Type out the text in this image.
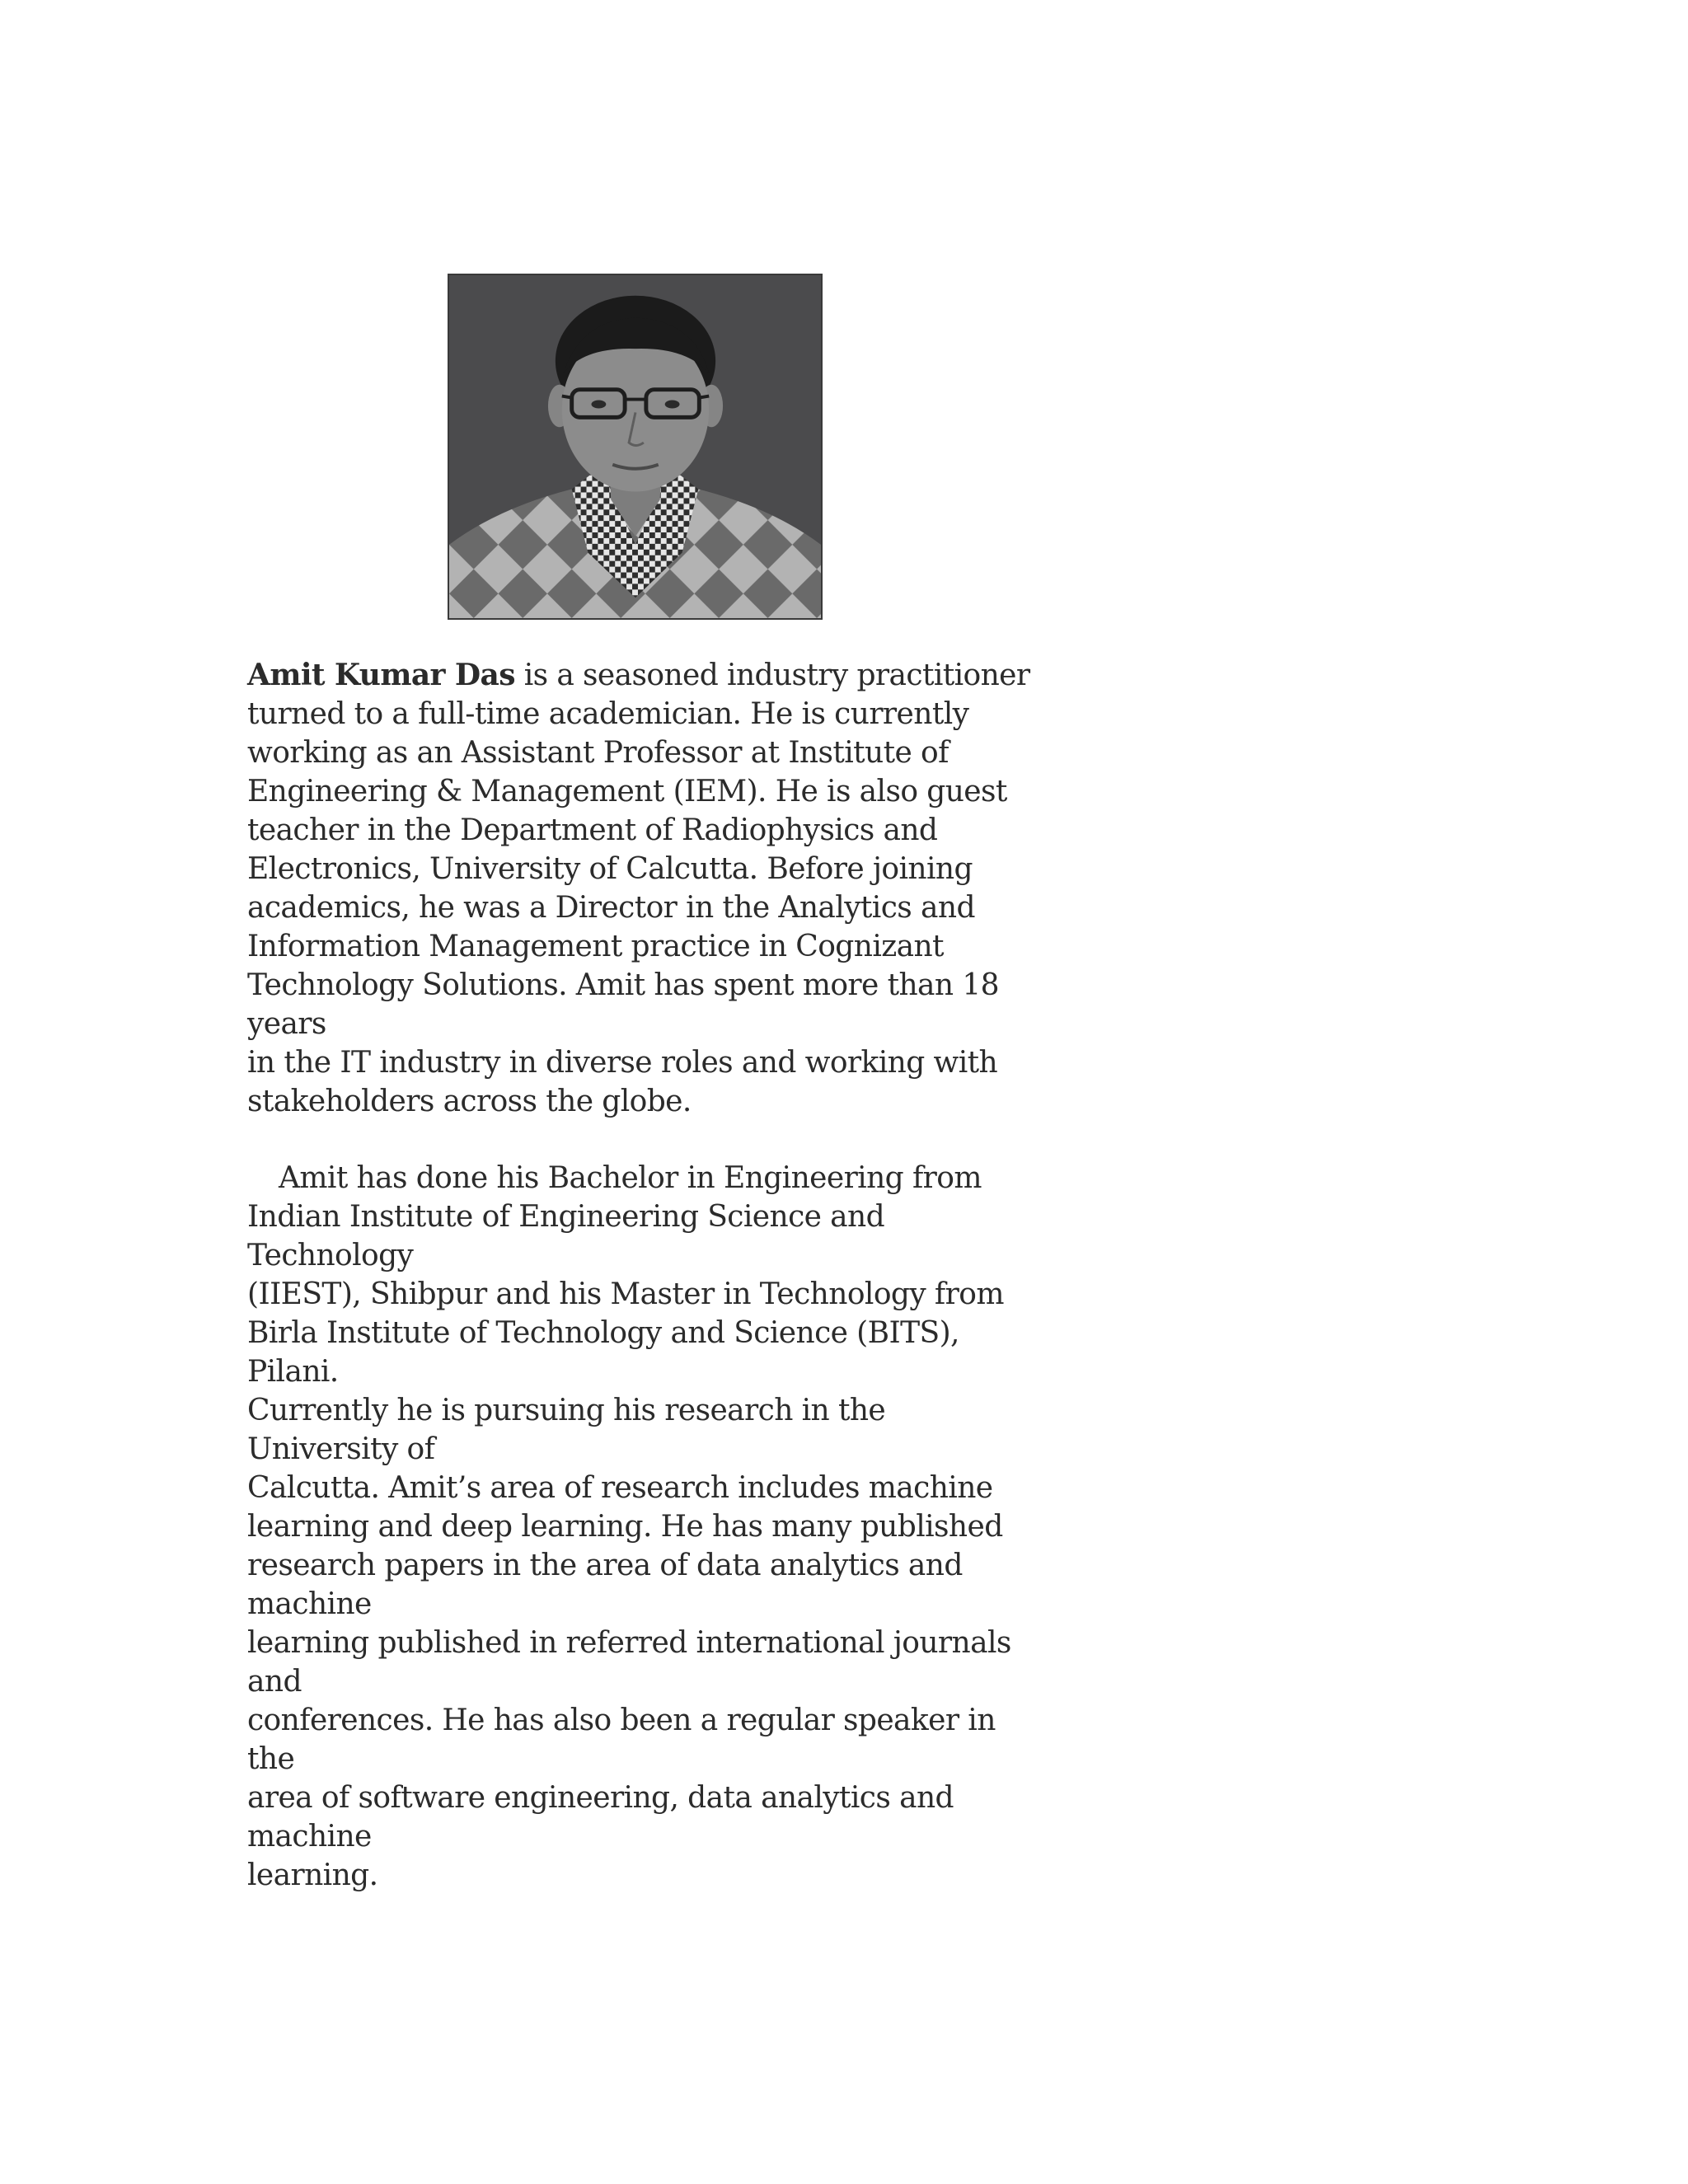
Amit Kumar Das is a seasoned industry practitioner
turned to a full-time academician. He is currently
working as an Assistant Professor at Institute of
Engineering & Management (IEM). He is also guest
teacher in the Department of Radiophysics and
Electronics, University of Calcutta. Before joining
academics, he was a Director in the Analytics and
Information Management practice in Cognizant
Technology Solutions. Amit has spent more than 18 years
in the IT industry in diverse roles and working with
stakeholders across the globe.

Amit has done his Bachelor in Engineering from
Indian Institute of Engineering Science and Technology
(IIEST), Shibpur and his Master in Technology from
Birla Institute of Technology and Science (BITS), Pilani.
Currently he is pursuing his research in the University of
Calcutta. Amit’s area of research includes machine
learning and deep learning. He has many published
research papers in the area of data analytics and machine
learning published in referred international journals and
conferences. He has also been a regular speaker in the
area of software engineering, data analytics and machine
learning.
